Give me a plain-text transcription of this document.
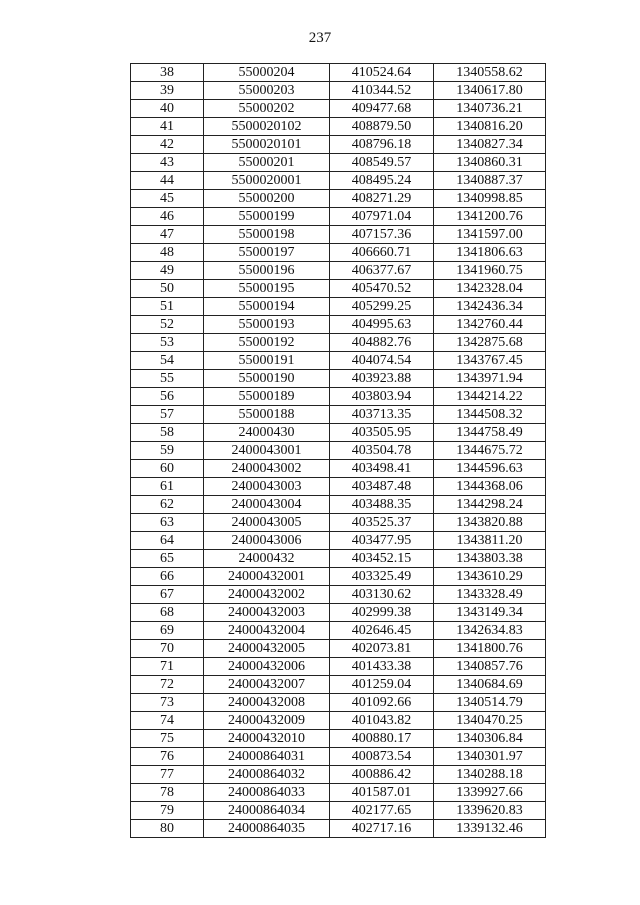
237
38	55000204	410524.64	1340558.62
39	55000203	410344.52	1340617.80
40	55000202	409477.68	1340736.21
41	5500020102	408879.50	1340816.20
42	5500020101	408796.18	1340827.34
43	55000201	408549.57	1340860.31
44	5500020001	408495.24	1340887.37
45	55000200	408271.29	1340998.85
46	55000199	407971.04	1341200.76
47	55000198	407157.36	1341597.00
48	55000197	406660.71	1341806.63
49	55000196	406377.67	1341960.75
50	55000195	405470.52	1342328.04
51	55000194	405299.25	1342436.34
52	55000193	404995.63	1342760.44
53	55000192	404882.76	1342875.68
54	55000191	404074.54	1343767.45
55	55000190	403923.88	1343971.94
56	55000189	403803.94	1344214.22
57	55000188	403713.35	1344508.32
58	24000430	403505.95	1344758.49
59	2400043001	403504.78	1344675.72
60	2400043002	403498.41	1344596.63
61	2400043003	403487.48	1344368.06
62	2400043004	403488.35	1344298.24
63	2400043005	403525.37	1343820.88
64	2400043006	403477.95	1343811.20
65	24000432	403452.15	1343803.38
66	24000432001	403325.49	1343610.29
67	24000432002	403130.62	1343328.49
68	24000432003	402999.38	1343149.34
69	24000432004	402646.45	1342634.83
70	24000432005	402073.81	1341800.76
71	24000432006	401433.38	1340857.76
72	24000432007	401259.04	1340684.69
73	24000432008	401092.66	1340514.79
74	24000432009	401043.82	1340470.25
75	24000432010	400880.17	1340306.84
76	24000864031	400873.54	1340301.97
77	24000864032	400886.42	1340288.18
78	24000864033	401587.01	1339927.66
79	24000864034	402177.65	1339620.83
80	24000864035	402717.16	1339132.46
